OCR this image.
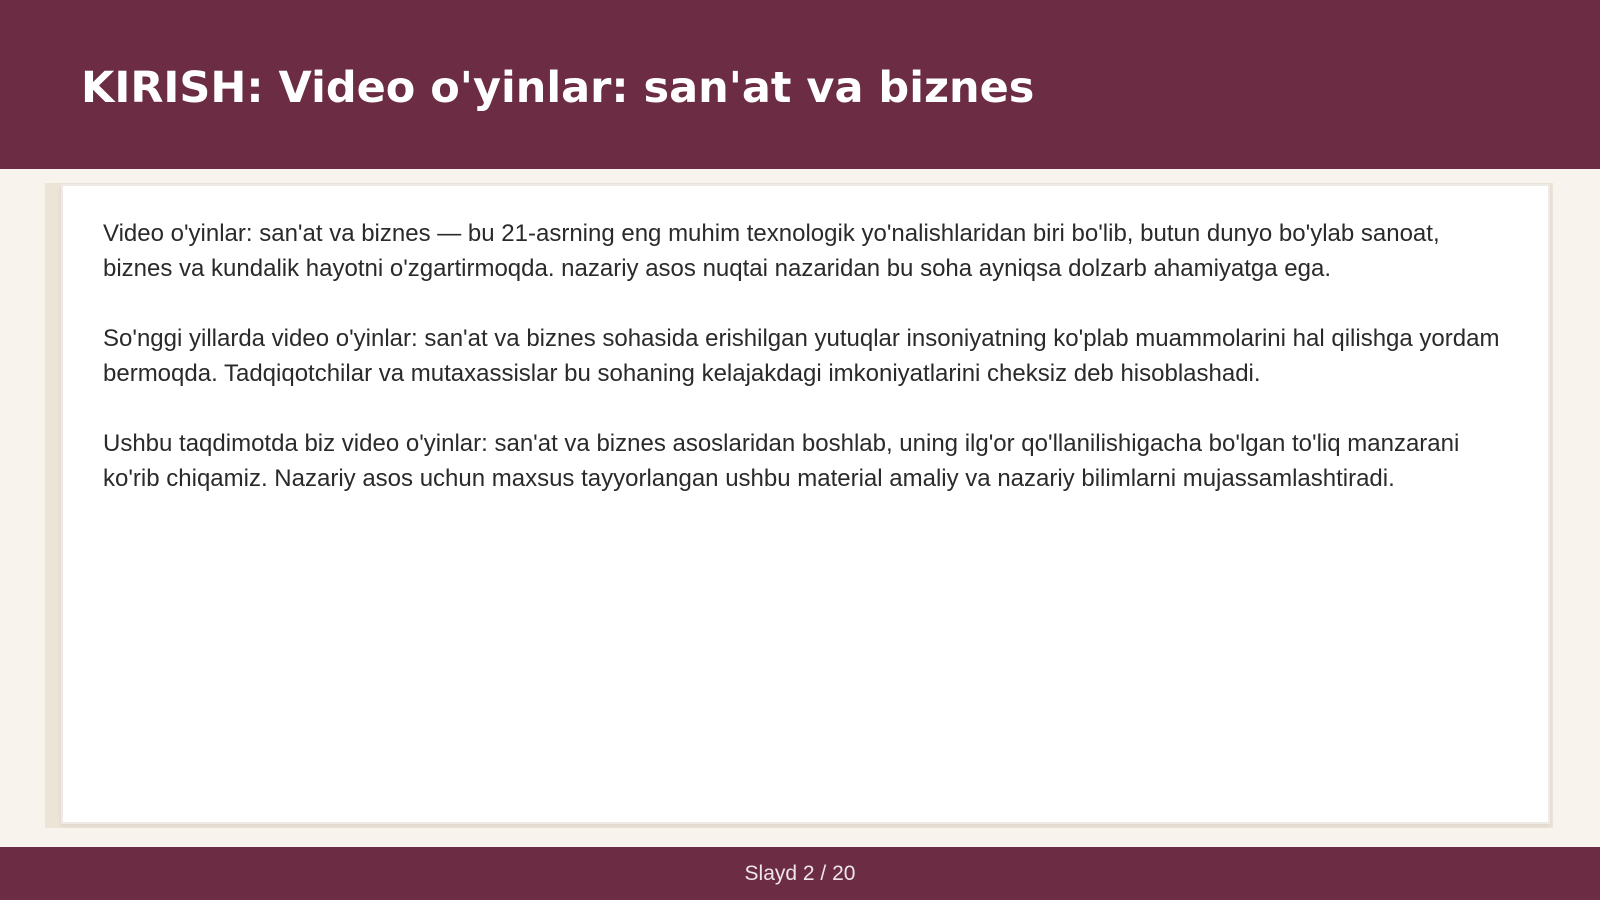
KIRISH: Video o'yinlar: san'at va biznes

Video o'yinlar: san'at va biznes — bu 21-asrning eng muhim texnologik yo'nalishlaridan biri bo'lib, butun dunyo bo'ylab sanoat, biznes va kundalik hayotni o'zgartirmoqda. nazariy asos nuqtai nazaridan bu soha ayniqsa dolzarb ahamiyatga ega.

So'nggi yillarda video o'yinlar: san'at va biznes sohasida erishilgan yutuqlar insoniyatning ko'plab muammolarini hal qilishga yordam bermoqda. Tadqiqotchilar va mutaxassislar bu sohaning kelajakdagi imkoniyatlarini cheksiz deb hisoblashadi.

Ushbu taqdimotda biz video o'yinlar: san'at va biznes asoslaridan boshlab, uning ilg'or qo'llanilishigacha bo'lgan to'liq manzarani ko'rib chiqamiz. Nazariy asos uchun maxsus tayyorlangan ushbu material amaliy va nazariy bilimlarni mujassamlashtiradi.

Slayd 2 / 20
